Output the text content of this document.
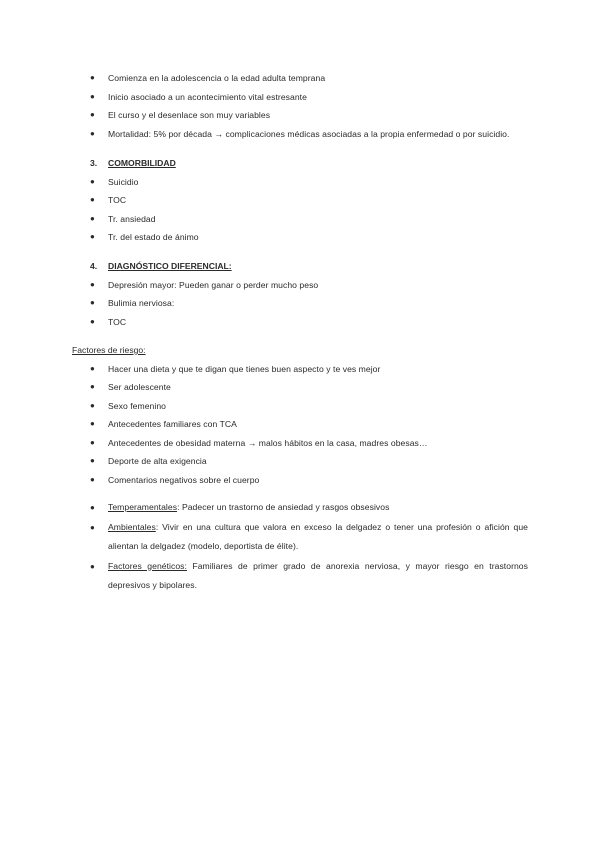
● Comienza en la adolescencia o la edad adulta temprana
● Inicio asociado a un acontecimiento vital estresante
● El curso y el desenlace son muy variables
● Mortalidad: 5% por década → complicaciones médicas asociadas a la propia enfermedad o por suicidio.
3. COMORBILIDAD
● Suicidio
● TOC
● Tr. ansiedad
● Tr. del estado de ánimo
4. DIAGNÓSTICO DIFERENCIAL:
● Depresión mayor: Pueden ganar o perder mucho peso
● Bulimia nerviosa:
● TOC
Factores de riesgo:
● Hacer una dieta y que te digan que tienes buen aspecto y te ves mejor
● Ser adolescente
● Sexo femenino
● Antecedentes familiares con TCA
● Antecedentes de obesidad materna → malos hábitos en la casa, madres obesas…
● Deporte de alta exigencia
● Comentarios negativos sobre el cuerpo
● Temperamentales: Padecer un trastorno de ansiedad y rasgos obsesivos
● Ambientales: Vivir en una cultura que valora en exceso la delgadez o tener una profesión o afición que alientan la delgadez (modelo, deportista de élite).
● Factores genéticos: Familiares de primer grado de anorexia nerviosa, y mayor riesgo en trastornos depresivos y bipolares.
